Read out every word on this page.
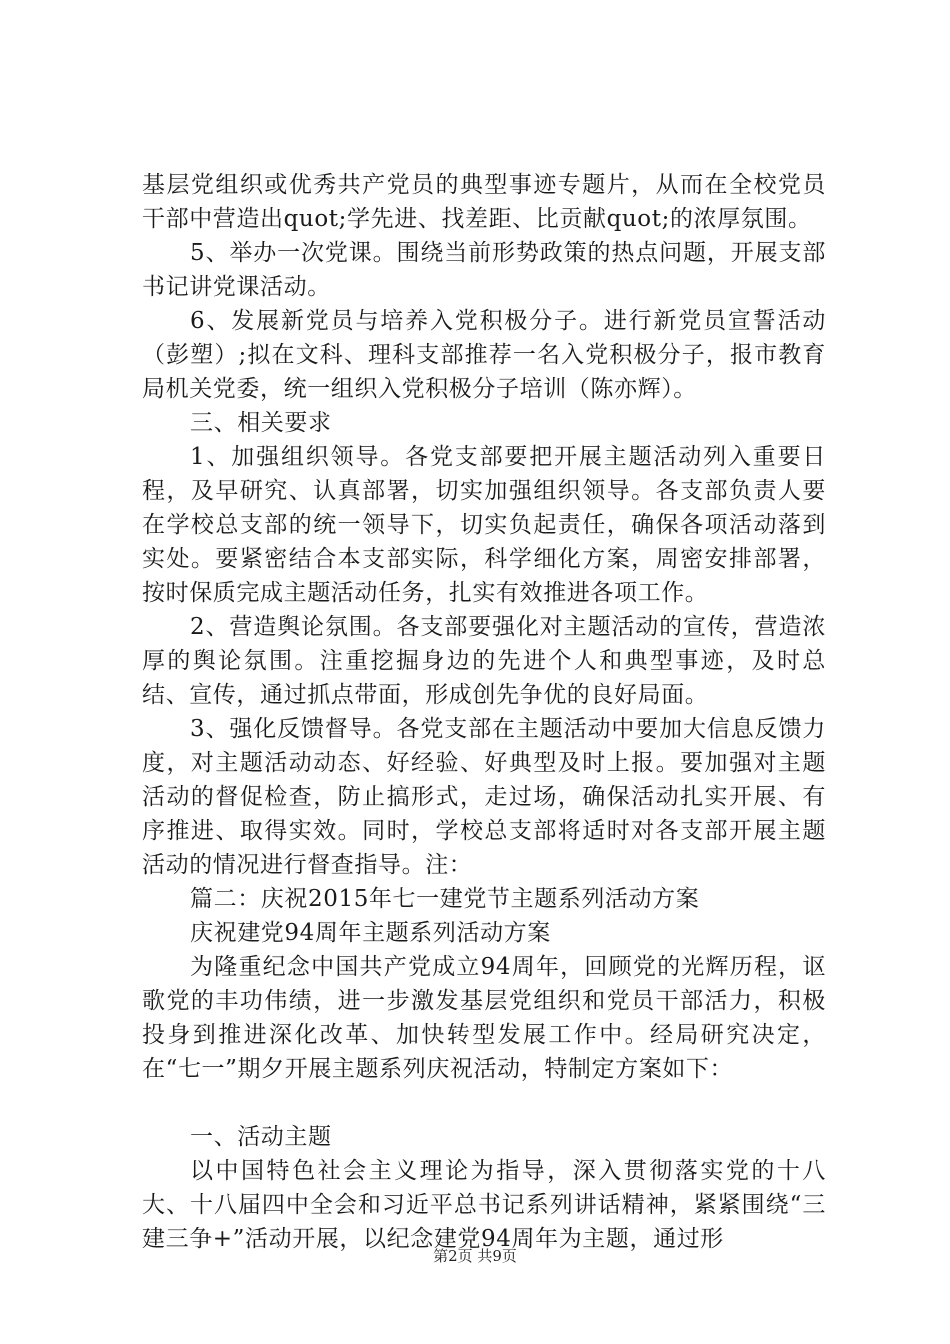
基层党组织或优秀共产党员的典型事迹专题片，从而在全校党员干部中营造出quot;学先进、找差距、比贡献quot;的浓厚氛围。

5、举办一次党课。围绕当前形势政策的热点问题，开展支部书记讲党课活动。

6、发展新党员与培养入党积极分子。进行新党员宣誓活动（彭塑）;拟在文科、理科支部推荐一名入党积极分子，报市教育局机关党委，统一组织入党积极分子培训（陈亦辉）。

三、相关要求

1、加强组织领导。各党支部要把开展主题活动列入重要日程，及早研究、认真部署，切实加强组织领导。各支部负责人要在学校总支部的统一领导下，切实负起责任，确保各项活动落到实处。要紧密结合本支部实际，科学细化方案，周密安排部署，按时保质完成主题活动任务，扎实有效推进各项工作。

2、营造舆论氛围。各支部要强化对主题活动的宣传，营造浓厚的舆论氛围。注重挖掘身边的先进个人和典型事迹，及时总结、宣传，通过抓点带面，形成创先争优的良好局面。

3、强化反馈督导。各党支部在主题活动中要加大信息反馈力度，对主题活动动态、好经验、好典型及时上报。要加强对主题活动的督促检查，防止搞形式，走过场，确保活动扎实开展、有序推进、取得实效。同时，学校总支部将适时对各支部开展主题活动的情况进行督查指导。注：

篇二：庆祝2015年七一建党节主题系列活动方案

庆祝建党94周年主题系列活动方案

为隆重纪念中国共产党成立94周年，回顾党的光辉历程，讴歌党的丰功伟绩，进一步激发基层党组织和党员干部活力，积极投身到推进深化改革、加快转型发展工作中。经局研究决定，在“七一”期夕开展主题系列庆祝活动，特制定方案如下：

一、活动主题

以中国特色社会主义理论为指导，深入贯彻落实党的十八大、十八届四中全会和习近平总书记系列讲话精神，紧紧围绕“三建三争+”活动开展，以纪念建党94周年为主题，通过形

第2页 共9页
